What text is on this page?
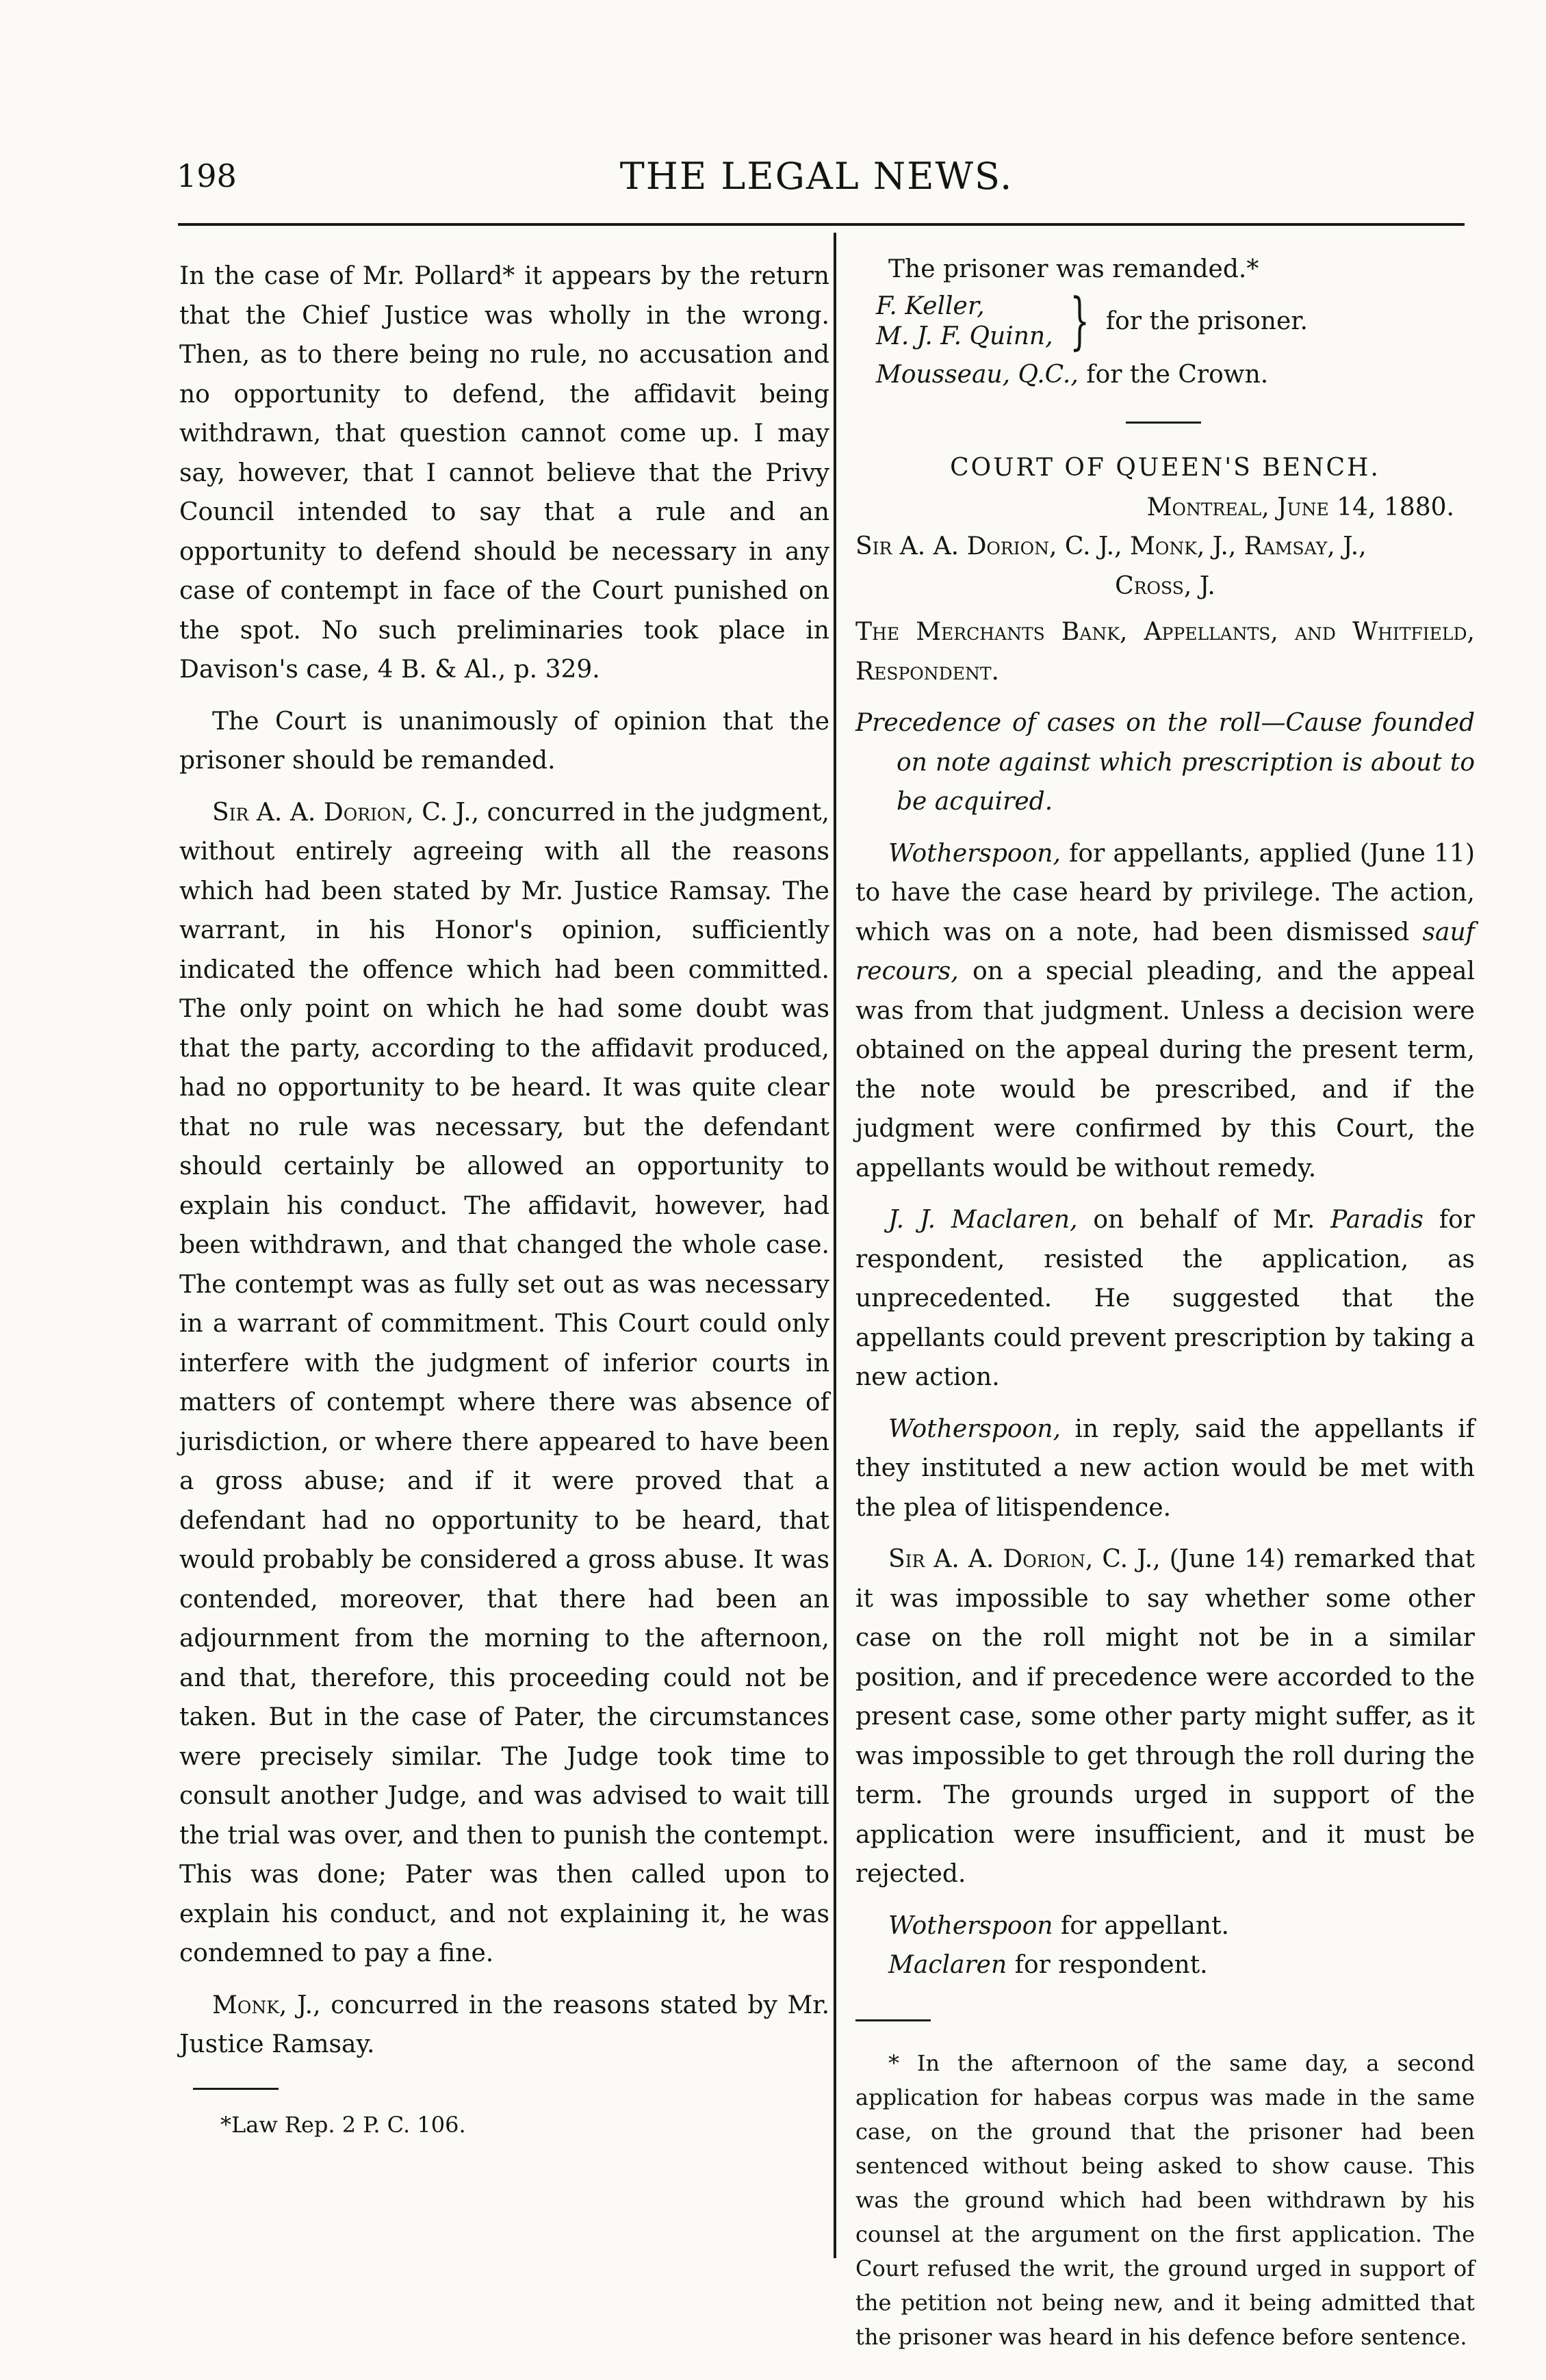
198	THE LEGAL NEWS.

In the case of Mr. Pollard* it appears by the return that the Chief Justice was wholly in the wrong. Then, as to there being no rule, no accusation and no opportunity to defend, the affidavit being withdrawn, that question cannot come up. I may say, however, that I cannot believe that the Privy Council intended to say that a rule and an opportunity to defend should be necessary in any case of contempt in face of the Court punished on the spot. No such preliminaries took place in Davison's case, 4 B. & Al., p. 329.

The Court is unanimously of opinion that the prisoner should be remanded.

Sir A. A. Dorion, C. J., concurred in the judgment, without entirely agreeing with all the reasons which had been stated by Mr. Justice Ramsay. The warrant, in his Honor's opinion, sufficiently indicated the offence which had been committed. The only point on which he had some doubt was that the party, according to the affidavit produced, had no opportunity to be heard. It was quite clear that no rule was necessary, but the defendant should certainly be allowed an opportunity to explain his conduct. The affidavit, however, had been withdrawn, and that changed the whole case. The contempt was as fully set out as was necessary in a warrant of commitment. This Court could only interfere with the judgment of inferior courts in matters of contempt where there was absence of jurisdiction, or where there appeared to have been a gross abuse; and if it were proved that a defendant had no opportunity to be heard, that would probably be considered a gross abuse. It was contended, moreover, that there had been an adjournment from the morning to the afternoon, and that, therefore, this proceeding could not be taken. But in the case of Pater, the circumstances were precisely similar. The Judge took time to consult another Judge, and was advised to wait till the trial was over, and then to punish the contempt. This was done; Pater was then called upon to explain his conduct, and not explaining it, he was condemned to pay a fine.

Monk, J., concurred in the reasons stated by Mr. Justice Ramsay.

*Law Rep. 2 P. C. 106.

The prisoner was remanded.*

F. Keller,
M. J. F. Quinn, } for the prisoner.

Mousseau, Q.C., for the Crown.

COURT OF QUEEN'S BENCH.
Montreal, June 14, 1880.
Sir A. A. Dorion, C. J., Monk, J., Ramsay, J.,
Cross, J.

The Merchants Bank, Appellants, and Whitfield, Respondent.

Precedence of cases on the roll—Cause founded on note against which prescription is about to be acquired.

Wotherspoon, for appellants, applied (June 11) to have the case heard by privilege. The action, which was on a note, had been dismissed sauf recours, on a special pleading, and the appeal was from that judgment. Unless a decision were obtained on the appeal during the present term, the note would be prescribed, and if the judgment were confirmed by this Court, the appellants would be without remedy.

J. J. Maclaren, on behalf of Mr. Paradis for respondent, resisted the application, as unprecedented. He suggested that the appellants could prevent prescription by taking a new action.

Wotherspoon, in reply, said the appellants if they instituted a new action would be met with the plea of litispendence.

Sir A. A. Dorion, C. J., (June 14) remarked that it was impossible to say whether some other case on the roll might not be in a similar position, and if precedence were accorded to the present case, some other party might suffer, as it was impossible to get through the roll during the term. The grounds urged in support of the application were insufficient, and it must be rejected.

Wotherspoon for appellant.
Maclaren for respondent.
* In the afternoon of the same day, a second application for habeas corpus was made in the same case, on the ground that the prisoner had been sentenced without being asked to show cause. This was the ground which had been withdrawn by his counsel at the argument on the first application. The Court refused the writ, the ground urged in support of the petition not being new, and it being admitted that the prisoner was heard in his defence before sentence.
